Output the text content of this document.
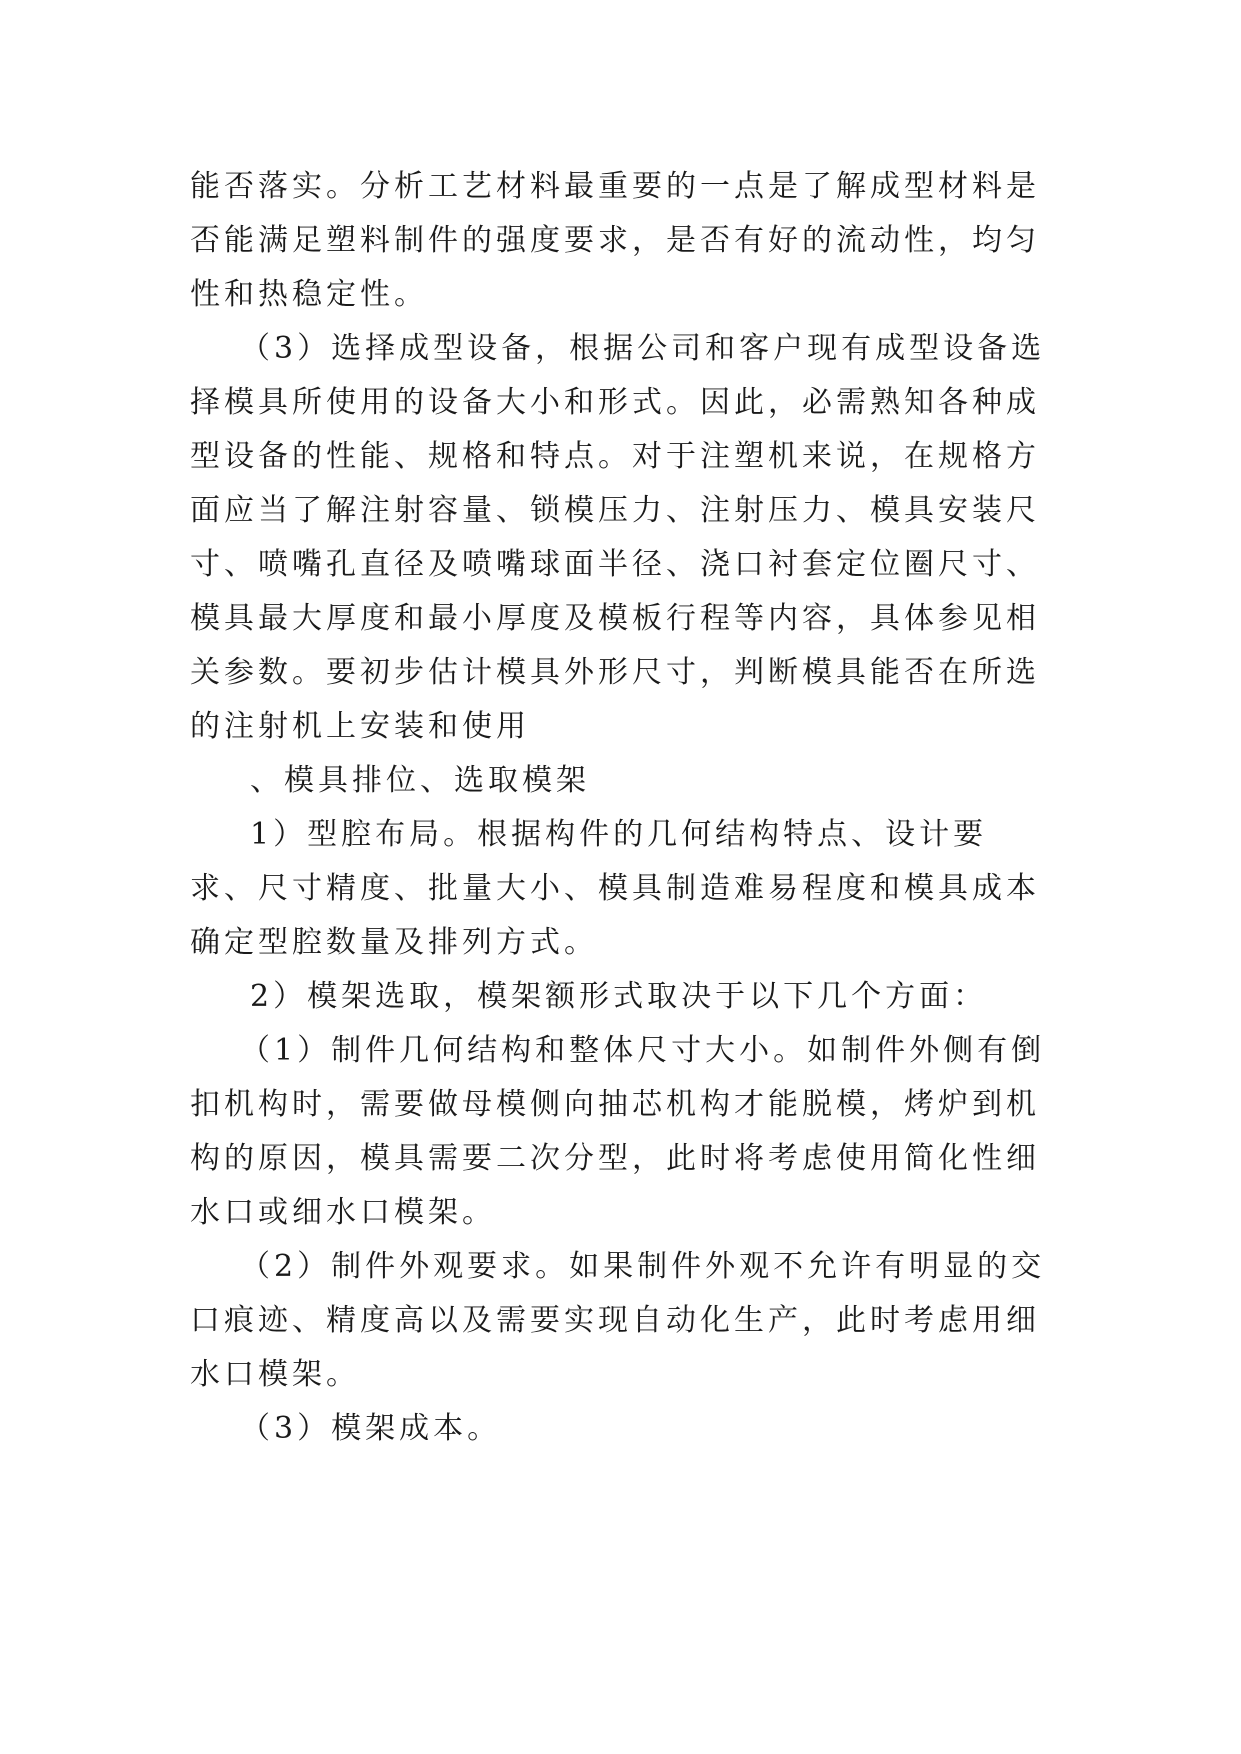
能否落实。分析工艺材料最重要的一点是了解成型材料是否能满足塑料制件的强度要求，是否有好的流动性，均匀性和热稳定性。

（3）选择成型设备，根据公司和客户现有成型设备选择模具所使用的设备大小和形式。因此，必需熟知各种成型设备的性能、规格和特点。对于注塑机来说，在规格方面应当了解注射容量、锁模压力、注射压力、模具安装尺寸、喷嘴孔直径及喷嘴球面半径、浇口衬套定位圈尺寸、模具最大厚度和最小厚度及模板行程等内容，具体参见相关参数。要初步估计模具外形尺寸，判断模具能否在所选的注射机上安装和使用

、模具排位、选取模架

1）型腔布局。根据构件的几何结构特点、设计要求、尺寸精度、批量大小、模具制造难易程度和模具成本确定型腔数量及排列方式。

2）模架选取，模架额形式取决于以下几个方面：

（1）制件几何结构和整体尺寸大小。如制件外侧有倒扣机构时，需要做母模侧向抽芯机构才能脱模，烤炉到机构的原因，模具需要二次分型，此时将考虑使用简化性细水口或细水口模架。

（2）制件外观要求。如果制件外观不允许有明显的交口痕迹、精度高以及需要实现自动化生产，此时考虑用细水口模架。

（3）模架成本。
